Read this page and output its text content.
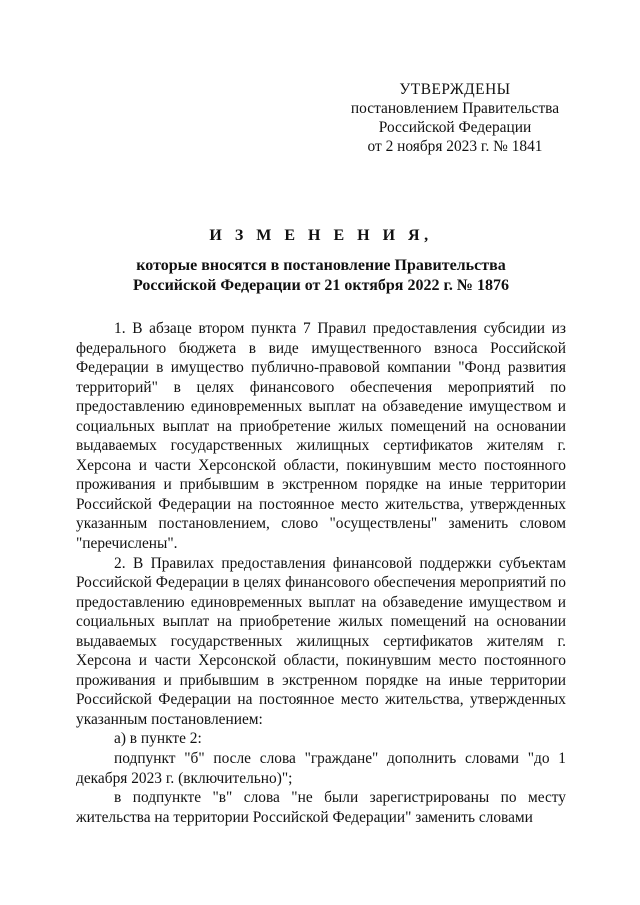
УТВЕРЖДЕНЫ
постановлением Правительства
Российской Федерации
от 2 ноября 2023 г. № 1841
И З М Е Н Е Н И Я,
которые вносятся в постановление Правительства
Российской Федерации от 21 октября 2022 г. № 1876

1. В абзаце втором пункта 7 Правил предоставления субсидии из федерального бюджета в виде имущественного взноса Российской Федерации в имущество публично-правовой компании "Фонд развития территорий" в целях финансового обеспечения мероприятий по предоставлению единовременных выплат на обзаведение имуществом и социальных выплат на приобретение жилых помещений на основании выдаваемых государственных жилищных сертификатов жителям г. Херсона и части Херсонской области, покинувшим место постоянного проживания и прибывшим в экстренном порядке на иные территории Российской Федерации на постоянное место жительства, утвержденных указанным постановлением, слово "осуществлены" заменить словом "перечислены".

2. В Правилах предоставления финансовой поддержки субъектам Российской Федерации в целях финансового обеспечения мероприятий по предоставлению единовременных выплат на обзаведение имуществом и социальных выплат на приобретение жилых помещений на основании выдаваемых государственных жилищных сертификатов жителям г. Херсона и части Херсонской области, покинувшим место постоянного проживания и прибывшим в экстренном порядке на иные территории Российской Федерации на постоянное место жительства, утвержденных указанным постановлением:

а) в пункте 2:

подпункт "б" после слова "граждане" дополнить словами "до 1 декабря 2023 г. (включительно)";

в подпункте "в" слова "не были зарегистрированы по месту жительства на территории Российской Федерации" заменить словами
